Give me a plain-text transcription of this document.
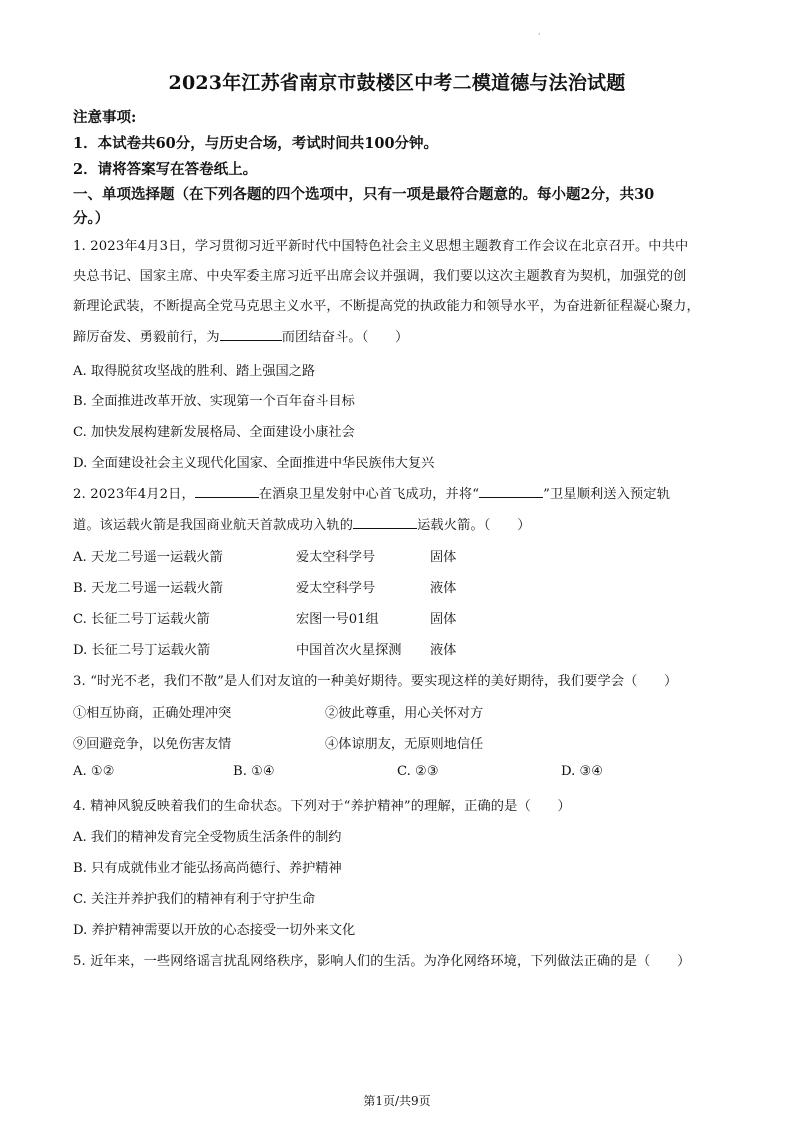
·
2023年江苏省南京市鼓楼区中考二模道德与法治试题
注意事项:
1．本试卷共60分，与历史合场，考试时间共100分钟。
2．请将答案写在答卷纸上。
一、单项选择题（在下列各题的四个选项中，只有一项是最符合题意的。每小题2分，共30
分。）
1. 2023年4月3日，学习贯彻习近平新时代中国特色社会主义思想主题教育工作会议在北京召开。中共中
央总书记、国家主席、中央军委主席习近平出席会议并强调，我们要以这次主题教育为契机，加强党的创
新理论武装，不断提高全党马克思主义水平，不断提高党的执政能力和领导水平，为奋进新征程凝心聚力，
蹄厉奋发、勇毅前行，为	而团结奋斗。（　　）
A. 取得脱贫攻坚战的胜利、踏上强国之路
B. 全面推进改革开放、实现第一个百年奋斗目标
C. 加快发展构建新发展格局、全面建设小康社会
D. 全面建设社会主义现代化国家、全面推进中华民族伟大复兴
2. 2023年4月2日，	在酒泉卫星发射中心首飞成功，并将“	”卫星顺利送入预定轨
道。该运载火箭是我国商业航天首款成功入轨的	运载火箭。（　　）
A. 天龙二号遥一运载火箭	爱太空科学号	固体
B. 天龙二号遥一运载火箭	爱太空科学号	液体
C. 长征二号丁运载火箭	宏图一号01组	固体
D. 长征二号丁运载火箭	中国首次火星探测 液体
3. “时光不老，我们不散”是人们对友谊的一种美好期待。要实现这样的美好期待，我们要学会（　　）
①相互协商，正确处理冲突	②彼此尊重，用心关怀对方
⑨回避竞争，以免伤害友情	④体谅朋友，无原则地信任
A. ①②	B. ①④	C. ②③	D. ③④
4. 精神风貌反映着我们的生命状态。下列对于“养护精神”的理解，正确的是（　　）
A. 我们的精神发育完全受物质生活条件的制约
B. 只有成就伟业才能弘扬高尚德行、养护精神
C. 关注并养护我们的精神有利于守护生命
D. 养护精神需要以开放的心态接受一切外来文化
5. 近年来，一些网络谣言扰乱网络秩序，影响人们的生活。为净化网络环境，下列做法正确的是（　　）
第1页/共9页
